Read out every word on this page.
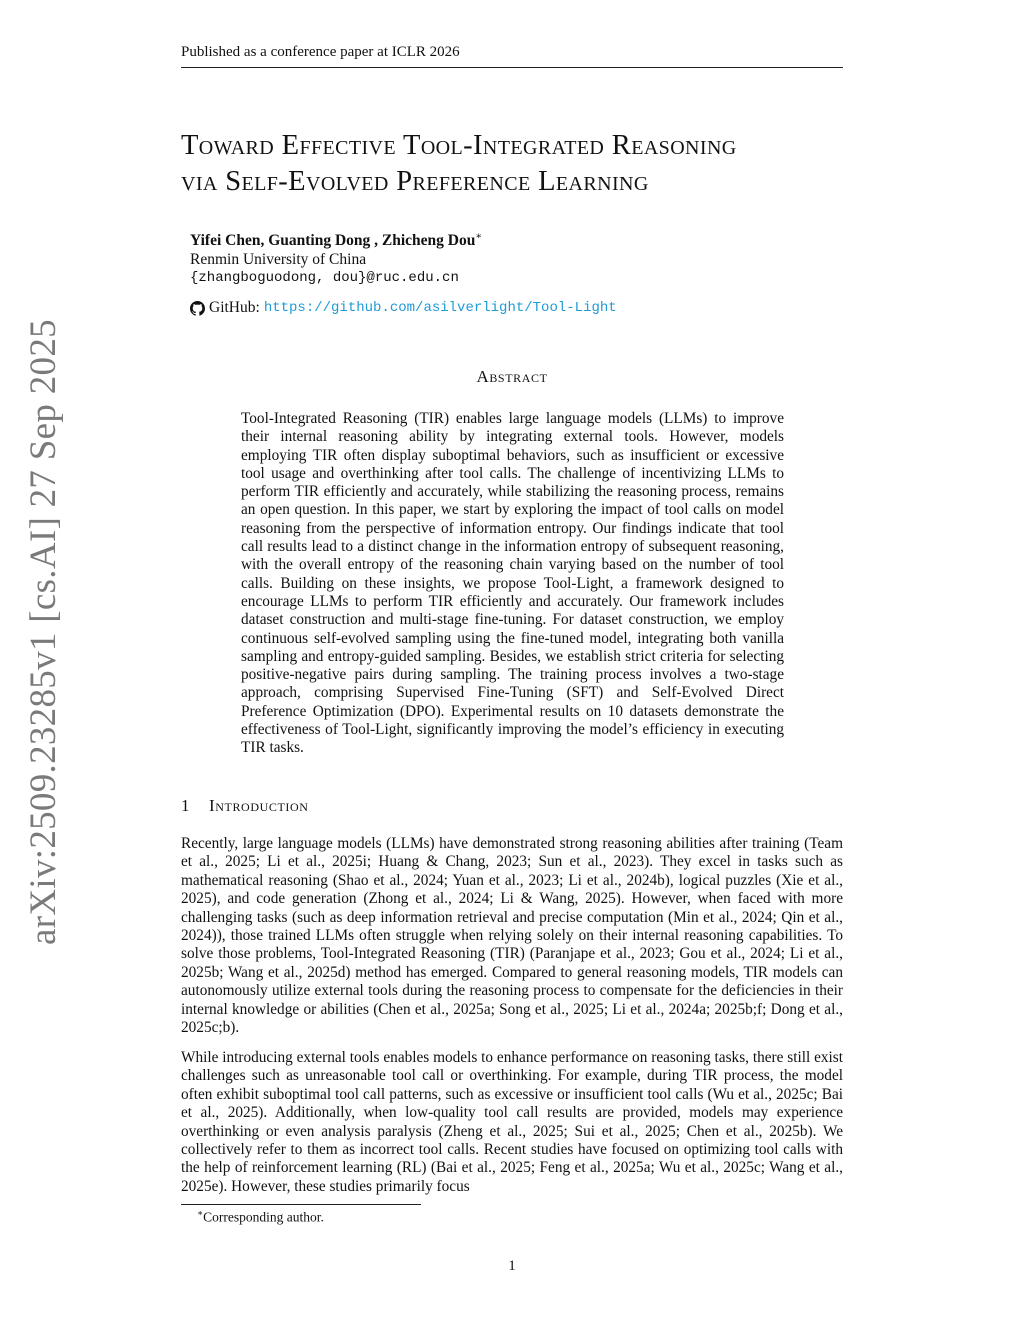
Published as a conference paper at ICLR 2026
Toward Effective Tool-Integrated Reasoning
via Self-Evolved Preference Learning
Yifei Chen, Guanting Dong , Zhicheng Dou∗
Renmin University of China
{zhangboguodong, dou}@ruc.edu.cn
GitHub: https://github.com/asilverlight/Tool-Light
arXiv:2509.23285v1 [cs.AI] 27 Sep 2025	Abstract
Tool-Integrated Reasoning (TIR) enables large language models (LLMs) to improve their internal reasoning ability by integrating external tools. However, models employing TIR often display suboptimal behaviors, such as insufficient or excessive tool usage and overthinking after tool calls. The challenge of incentivizing LLMs to perform TIR efficiently and accurately, while stabilizing the reasoning process, remains an open question. In this paper, we start by exploring the impact of tool calls on model reasoning from the perspective of information entropy. Our findings indicate that tool call results lead to a distinct change in the information entropy of subsequent reasoning, with the overall entropy of the reasoning chain varying based on the number of tool calls. Building on these insights, we propose Tool-Light, a framework designed to encourage LLMs to perform TIR efficiently and accurately. Our framework includes dataset construction and multi-stage fine-tuning. For dataset construction, we employ continuous self-evolved sampling using the fine-tuned model, integrating both vanilla sampling and entropy-guided sampling. Besides, we establish strict criteria for selecting positive-negative pairs during sampling. The training process involves a two-stage approach, comprising Supervised Fine-Tuning (SFT) and Self-Evolved Direct Preference Optimization (DPO). Experimental results on 10 datasets demonstrate the effectiveness of Tool-Light, significantly improving the model’s efficiency in executing TIR tasks.
1 Introduction

Recently, large language models (LLMs) have demonstrated strong reasoning abilities after training (Team et al., 2025; Li et al., 2025i; Huang & Chang, 2023; Sun et al., 2023). They excel in tasks such as mathematical reasoning (Shao et al., 2024; Yuan et al., 2023; Li et al., 2024b), logical puzzles (Xie et al., 2025), and code generation (Zhong et al., 2024; Li & Wang, 2025). However, when faced with more challenging tasks (such as deep information retrieval and precise computation (Min et al., 2024; Qin et al., 2024)), those trained LLMs often struggle when relying solely on their internal reasoning capabilities. To solve those problems, Tool-Integrated Reasoning (TIR) (Paranjape et al., 2023; Gou et al., 2024; Li et al., 2025b; Wang et al., 2025d) method has emerged. Compared to general reasoning models, TIR models can autonomously utilize external tools during the reasoning process to compensate for the deficiencies in their internal knowledge or abilities (Chen et al., 2025a; Song et al., 2025; Li et al., 2024a; 2025b;f; Dong et al., 2025c;b).

While introducing external tools enables models to enhance performance on reasoning tasks, there still exist challenges such as unreasonable tool call or overthinking. For example, during TIR process, the model often exhibit suboptimal tool call patterns, such as excessive or insufficient tool calls (Wu et al., 2025c; Bai et al., 2025). Additionally, when low-quality tool call results are provided, models may experience overthinking or even analysis paralysis (Zheng et al., 2025; Sui et al., 2025; Chen et al., 2025b). We collectively refer to them as incorrect tool calls. Recent studies have focused on optimizing tool calls with the help of reinforcement learning (RL) (Bai et al., 2025; Feng et al., 2025a; Wu et al., 2025c; Wang et al., 2025e). However, these studies primarily focus

∗Corresponding author.
1
